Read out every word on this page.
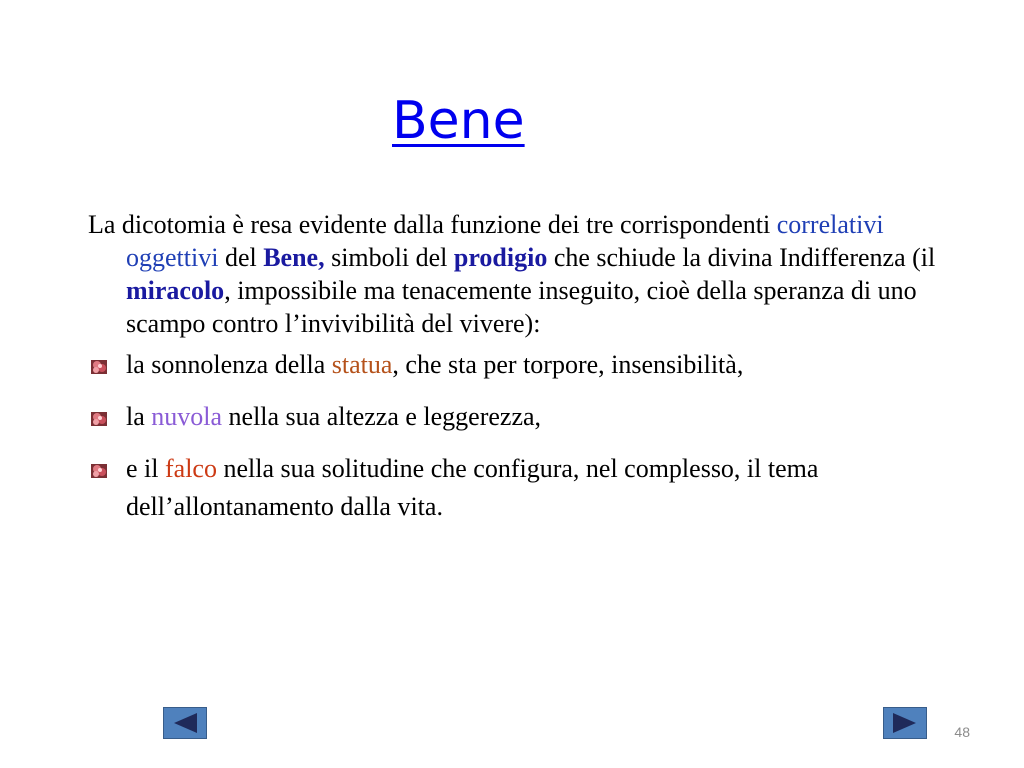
Bene

La dicotomia è resa evidente dalla funzione dei tre corrispondenti correlativi oggettivi del Bene, simboli del prodigio che schiude la divina Indifferenza (il miracolo, impossibile ma tenacemente inseguito, cioè della speranza di uno scampo contro l’invivibilità del vivere):

la sonnolenza della statua, che sta per torpore, insensibilità,
la nuvola nella sua altezza e leggerezza,
e il falco nella sua solitudine che configura, nel complesso, il tema dell’allontanamento dalla vita.
48
